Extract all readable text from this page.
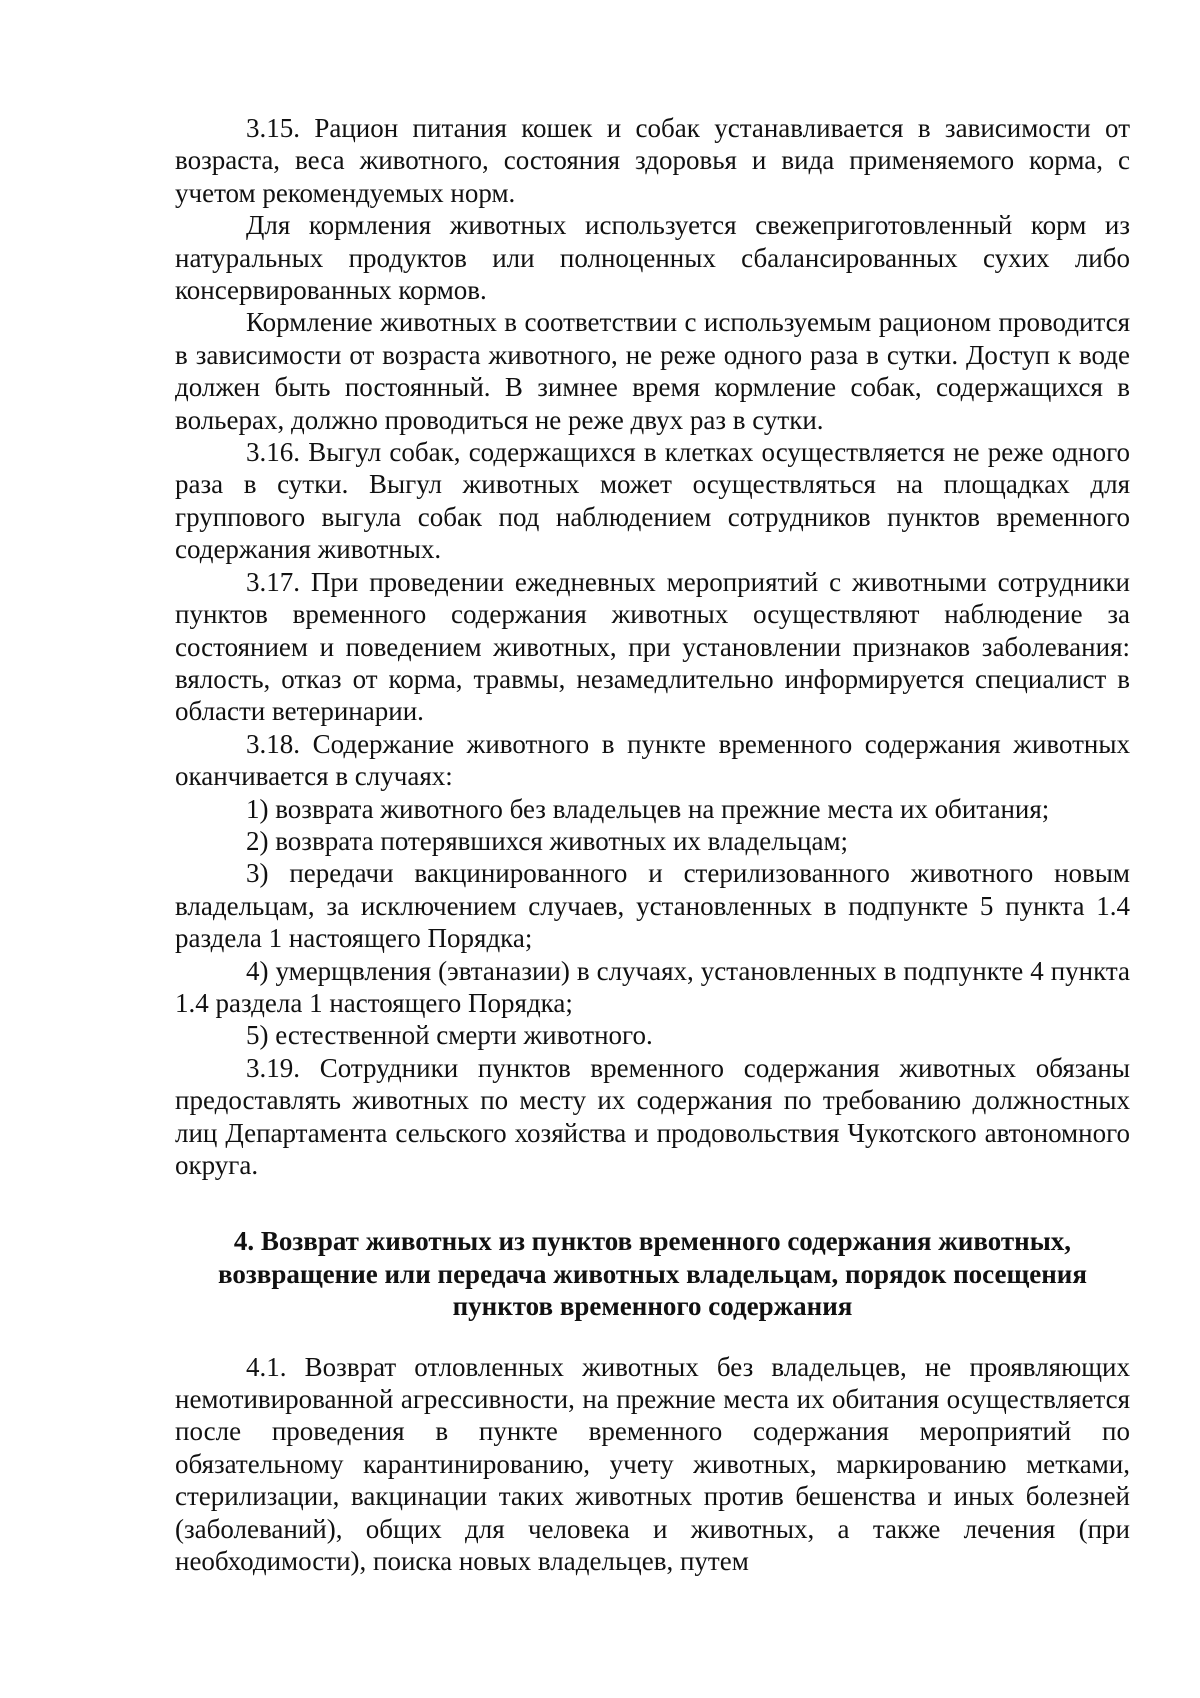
3.15. Рацион питания кошек и собак устанавливается в зависимости от возраста, веса животного, состояния здоровья и вида применяемого корма, с учетом рекомендуемых норм.

Для кормления животных используется свежеприготовленный корм из натуральных продуктов или полноценных сбалансированных сухих либо консервированных кормов.

Кормление животных в соответствии с используемым рационом проводится в зависимости от возраста животного, не реже одного раза в сутки. Доступ к воде должен быть постоянный. В зимнее время кормление собак, содержащихся в вольерах, должно проводиться не реже двух раз в сутки.

3.16. Выгул собак, содержащихся в клетках осуществляется не реже одного раза в сутки. Выгул животных может осуществляться на площадках для группового выгула собак под наблюдением сотрудников пунктов временного содержания животных.

3.17. При проведении ежедневных мероприятий с животными сотрудники пунктов временного содержания животных осуществляют наблюдение за состоянием и поведением животных, при установлении признаков заболевания: вялость, отказ от корма, травмы, незамедлительно информируется специалист в области ветеринарии.

3.18. Содержание животного в пункте временного содержания животных оканчивается в случаях:

1) возврата животного без владельцев на прежние места их обитания;

2) возврата потерявшихся животных их владельцам;

3) передачи вакцинированного и стерилизованного животного новым владельцам, за исключением случаев, установленных в подпункте 5 пункта 1.4 раздела 1 настоящего Порядка;

4) умерщвления (эвтаназии) в случаях, установленных в подпункте 4 пункта 1.4 раздела 1 настоящего Порядка;

5) естественной смерти животного.

3.19. Сотрудники пунктов временного содержания животных обязаны предоставлять животных по месту их содержания по требованию должностных лиц Департамента сельского хозяйства и продовольствия Чукотского автономного округа.

4. Возврат животных из пунктов временного содержания животных,
возвращение или передача животных владельцам, порядок посещения
пунктов временного содержания

4.1. Возврат отловленных животных без владельцев, не проявляющих немотивированной агрессивности, на прежние места их обитания осуществляется после проведения в пункте временного содержания мероприятий по обязательному карантинированию, учету животных, маркированию метками, стерилизации, вакцинации таких животных против бешенства и иных болезней (заболеваний), общих для человека и животных, а также лечения (при необходимости), поиска новых владельцев, путем
